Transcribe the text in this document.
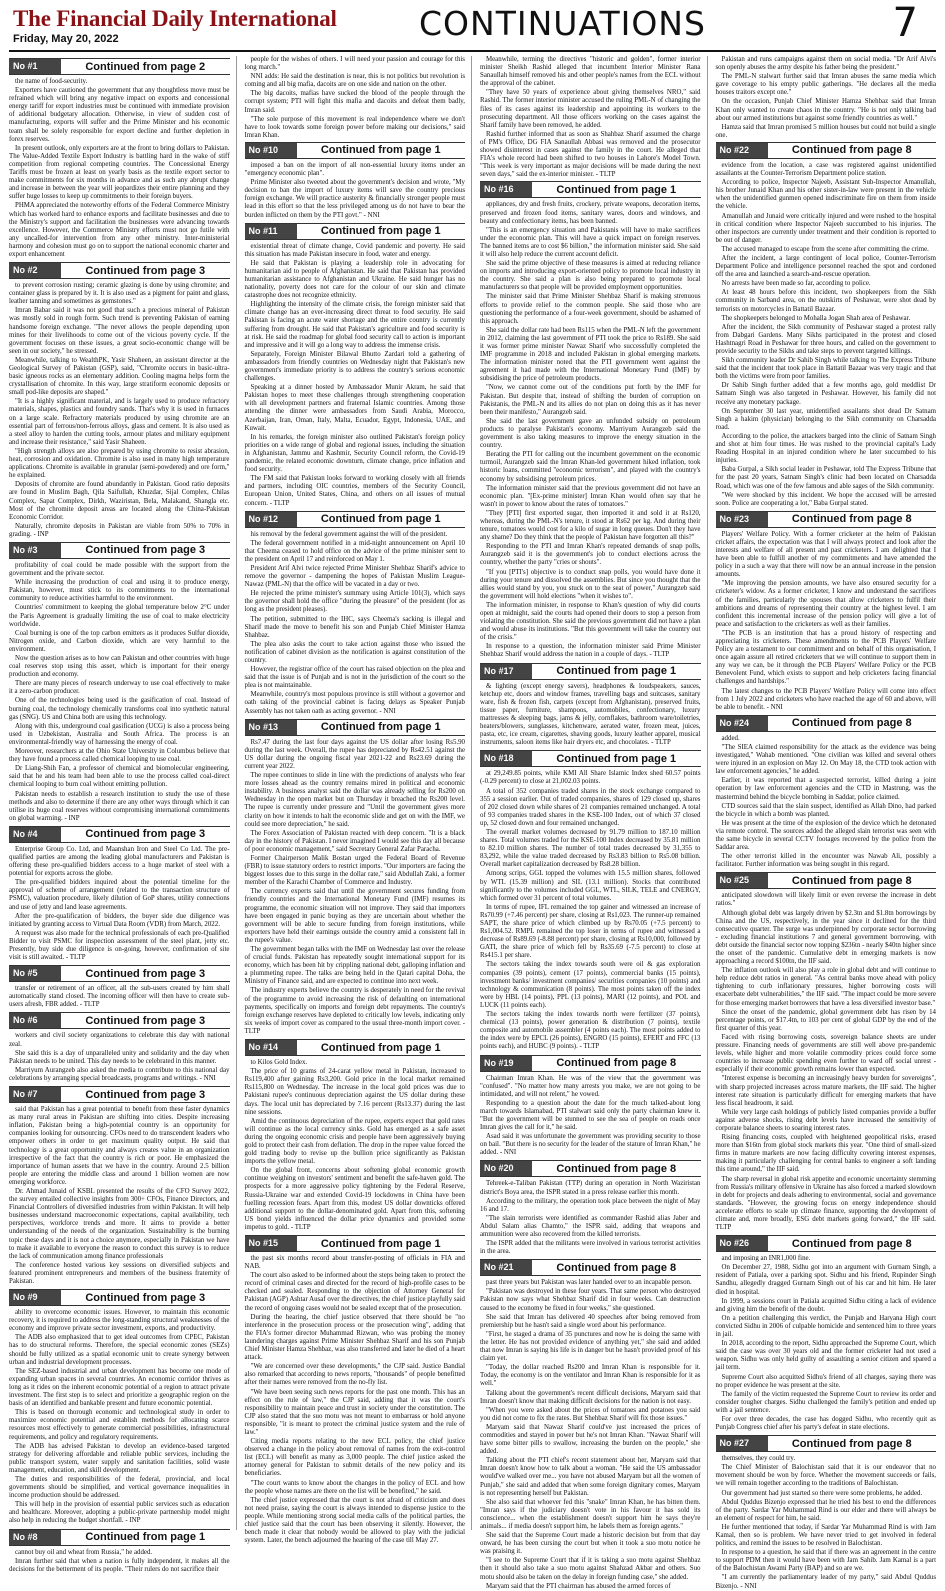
The Financial Daily International
Friday, May 20, 2022	CONTINUATIONS	7
No #1	Continued from page 2

the name of food-security.

Exporters have cautioned the government that any thoughtless move must be refrained which will bring any negative impact on exports and concessional energy tariff for export industries must be continued with immediate provision of additional budgetary allocation. Otherwise, in view of sudden cost of manufacturing, exports will suffer and the Prime Minister and his economic team shall be solely responsible for export decline and further depletion in forex reserves.

In present outlook, only exporters are at the front to bring dollars to Pakistan. The Value-Added Textile Export Industry is battling hard in the wake of stiff competition from regional competing countries. The Concessional Energy Tariffs must be frozen at least on yearly basis as the textile export sector to make commitments for six months in advance and as such any abrupt change and increase in between the year will jeopardizes their entire planning and they suffer huge losses to keep up commitments to their foreign buyers.

PHMA appreciated the noteworthy efforts of the Federal Commerce Ministry which has worked hard to enhance exports and facilitate businesses and due to the Ministry's support and facilitation the businesses were advancing towards excellence. However, the Commerce Ministry efforts must not go futile with any uncalled-for intervention from any other ministry. Inter-ministerial harmony and cohesion must go on to support the national economic charter and export enhancement

No #2	Continued from page 3

to prevent corrosion rusting; ceramic glazing is done by using chromite; and container glass is prepared by it. It is also used as a pigment for paint and glass, leather tanning and sometimes as gemstones."

Imran Babar said it was not good that such a precious mineral of Pakistan was mostly sold in rough form. Such trend is preventing Pakistan of earning handsome foreign exchange. "The never allows the people depending upon mines for their livelihoods to come out of the vicious poverty cycle. If the government focuses on these issues, a great socio-economic change will be seen in our society," he stressed.

Meanwhile, talking to WealthPK, Yasir Shaheen, an assistant director at the Geological Survey of Pakistan (GSP), said, "Chromite occurs in basic-ultra-basic igneous rocks as an elementary addition. Cooling magma helps form the crystallisation of chromite. In this way, large stratiform economic deposits or small pod-like deposits are shaped."

"It is a highly significant material, and is largely used to produce refractory materials, shapes, plastics and foundry sands. That's why it is used in furnaces on a large scale. Refractory materials produced by using chromite are an essential part of ferrous/non-ferrous alloys, glass and cement. It is also used as a steel alloy to harden the cutting tools, armour plates and military equipment and increase their resistance," said Yasir Shaheen.

"High strength alloys are also prepared by using chromite to resist abrasion, heat, corrosion and oxidation. Chromite is also used in many high temperature applications. Chromite is available in granular (semi-powdered) and ore form," he explained.

Deposits of chromite are found abundantly in Pakistan. Good ratio deposits are found in Muslim Bagh, Qila Saifullah, Khuzdar, Sijal Complex, Chilas Complex, Sapat Complex, Dirkh, Waziristan, Bela, Malakand, Shangla etc. Most of the chromite deposit areas are located along the China-Pakistan Economic Corridor.

Naturally, chromite deposits in Pakistan are viable from 50% to 70% in grading. - INP

No #3	Continued from page 3

profitability of coal could be made possible with the support from the government and the private sector.

While increasing the production of coal and using it to produce energy, Pakistan, however, must stick to its commitments to the international community to reduce activities harmful to the environment.

Countries' commitment to keeping the global temperature below 2°C under the Paris Agreement is gradually limiting the use of coal to make electricity worldwide.

Coal burning is one of the top carbon emitters as it produces Sulfur dioxide, Nitrogen oxide, and Carbon dioxide, which are very harmful to the environment.

Now the question arises as to how can Pakistan and other countries with huge coal reserves stop using this asset, which is important for their energy production and economy.

There are many pieces of research underway to use coal effectively to make it a zero-carbon producer.

One of the technologies being used is the gasification of coal. Instead of burning coal, the technology chemically transforms coal into synthetic natural gas (SNG). US and China both are using this technology.

Along with this, underground coal gasification (UCG) is also a process being used in Uzbekistan, Australia and South Africa. The process is an environmental-friendly way of harnessing the energy of coal.

Moreover, researchers at the Ohio State University in Columbus believe that they have found a process called chemical looping to use coal.

Dr Liang-Shih Fan, a professor of chemical and biomolecular engineering, said that he and his team had been able to use the process called coal-direct chemical looping to burn coal without emitting pollution.

Pakistan needs to establish a research institution to study the use of these methods and also to determine if there are any other ways through which it can utilise its huge coal reserves without compromising international commitments on global warming. - INP

No #4	Continued from page 3

Enterprise Group Co. Ltd, and Maanshan Iron and Steel Co Ltd. The pre-qualified parties are among the leading global manufacturers and Pakistan is offering these pre-qualified bidders access to a huge market of steel with a potential for exports across the globe.

The pre-qualified bidders inquired about the potential timeline for the approval of scheme of arrangement (related to the transaction structure of PSMC), valuation procedure, likely dilution of GoP shares, utility connections and use of jetty and land lease agreements.

After the pre-qualification of bidders, the buyer side due diligence was initiated by granting access to Virtual Data Room (VDR) from March, 2022.

A request was also made for the technical professionals of each pre-Qualified Bidder to visit PSMC for inspection assessment of the steel plant, jetty etc. Presently, buy side due diligence is on-going, however, confirmation of site visit is still awaited. - TLTP

No #5	Continued from page 3

transfer or retirement of an officer, all the sub-users created by him shall automatically stand closed. The incoming officer will then have to create sub-users afresh, FBR added. - TLTP

No #6	Continued from page 3

workers and civil society organizations to celebrate this day with national zeal.

She said this is a day of unparalleled unity and solidarity and the day when Pakistan needs to be united. This day needs to be celebrated in this manner.

Marriyum Aurangzeb also asked the media to contribute to this national day celebrations by arranging special broadcasts, programs and writings. - NNI

No #7	Continued from page 3

said that Pakistan has a great potential to benefit from these faster dynamics as many rural areas in Pakistan are shifting into cities. Despite increasing inflation, Pakistan being a high-potential country is an opportunity for companies looking for outsourcing. CFOs need to do transcendent leaders who empower others in order to get maximum quality output. He said that technology is a great opportunity and always creates value in an organization irrespective of the fact that the country is rich or poor. He emphasized the importance of human assets that we have in the country. Around 2.5 billion people are entering the middle class and around 1 billion women are now emerging workforce.

Dr. Ahmad Junaid of KSBL presented the results of the CFO Survey 2022, the survey entailed collective insights from 300+ CFOs, Finance Directors, and Financial Controllers of diversified industries from within Pakistan. It will help businesses understand macroeconomic expectations, capital availability, tech perspectives, workforce trends and more. It aims to provide a better understanding of the needs of the organization. Sustainability is the burning topic these days and it is not a choice anymore, especially in Pakistan we have to make it available to everyone the reason to conduct this survey is to reduce the lack of communication among finance professionals

The conference hosted various key sessions on diversified subjects and featured prominent entrepreneurs and members of the business fraternity of Pakistan.

No #9	Continued from page 3

ability to overcome economic issues. However, to maintain this economic recovery, it is required to address the long-standing structural weaknesses of the economy and improve private sector investment, exports, and productivity.

The ADB also emphasized that to get ideal outcomes from CPEC, Pakistan has to do structural reforms. Therefore, the special economic zones (SEZs) should be fully utilized as a spatial economic unit to create synergy between urban and industrial development processes.

The SEZ-based industrial and urban development has become one mode of expanding urban spaces in several countries. An economic corridor thrives as long as it rides on the inherent economic potential of a region to attract private investment. The first step is to select and prioritize a geographic region on the basis of an identified and bankable present and future economic potential.

This is based on thorough economic and technological study in order to maximize economic potential and establish methods for allocating scarce resources most effectively to generate commercial possibilities, infrastructural requirements, and policy and regulatory requirements.

The ADB has advised Pakistan to develop an evidence-based targeted strategy for delivering affordable and reliable public services, including the public transport system, water supply and sanitation facilities, solid waste management, education, and skill development.

The duties and responsibilities of the federal, provincial, and local governments should be simplified, and vertical governance inequalities in income production should be addressed.

This will help in the provision of essential public services such as education and healthcare. Moreover, adopting a public-private partnership model might also help in reducing the budget shortfall. - INP

No #8	Continued from page 1

cannot buy oil and wheat from Russia," he added.

Imran further said that when a nation is fully independent, it makes all the decisions for the betterment of its people. "Their rulers do not sacrifice their

people for the wishes of others. I will need your passion and courage for this long march."

NNI adds: He said the destination is near, this is not politics but revolution is coming and all big mafia, dacoits are on one side and nation on the other.

The big dacoits, mafias have sucked the blood of the people through the corrupt system; PTI will fight this mafia and dacoits and defeat them badly, Imran said.

"The sole purpose of this movement is real independence where we don't have to look towards some foreign power before making our decisions," said Imran Khan.

No #10	Continued from page 1

imposed a ban on the import of all non-essential luxury items under an "emergency economic plan".

Prime Minister also tweeted about the government's decision and wrote, "My decision to ban the import of luxury items will save the country precious foreign exchange. We will practice austerity & financially stronger people must lead in this effort so that the less privileged among us do not have to bear the burden inflicted on them by the PTI govt." - NNI

No #11	Continued from page 1

existential threat of climate change, Covid pandemic and poverty. He said this situation has made Pakistan insecure in food, water and energy.

He said that Pakistan is playing a leadership role in advocating for humanitarian aid to people of Afghanistan. He said that Pakistan has provided humanitarian assistance to Afghanistan and Ukraine. He said hunger has no nationality, poverty does not care for the colour of our skin and climate catastrophe does not recognize ethnicity.

Highlighting the intensity of the climate crisis, the foreign minister said that climate change has an ever-increasing direct threat to food security. He said Pakistan is facing an acute water shortage and the entire country is currently suffering from drought. He said that Pakistan's agriculture and food security is at risk. He said the roadmap for global food security call to action is important and impressive and it will go a long way to address the immense crisis.

Separately, Foreign Minister Bilawal Bhutto Zardari told a gathering of ambassadors from friendly countries on Wednesday night that Pakistan's new government's immediate priority is to address the country's serious economic challenges.

Speaking at a dinner hosted by Ambassador Munir Akram, he said that Pakistan hopes to meet these challenges through strengthening cooperation with all development partners and fraternal Islamic countries. Among those attending the dinner were ambassadors from Saudi Arabia, Morocco, Azerbaijan, Iran, Oman, Italy, Malta, Ecuador, Egypt, Indonesia, UAE, and Kuwait.

In his remarks, the foreign minister also outlined Pakistan's foreign policy priorities on a wide range of global and regional issues, including the situation in Afghanistan, Jammu and Kashmir, Security Council reform, the Covid-19 pandemic, the related economic downturn, climate change, price inflation and food security.

The FM said that Pakistan looks forward to working closely with all friends and partners, including OIC countries, members of the Security Council, European Union, United States, China, and others on all issues of mutual concern. - TLTP

No #12	Continued from page 1

his removal by the federal government against the will of the president.

The federal government notified in a mid-night announcement on April 10 that Cheema ceased to hold office on the advice of the prime minister sent to the president on April 17 and reinforced on May 1.

President Arif Alvi twice rejected Prime Minister Shehbaz Sharif's advice to remove the governor - dampening the hopes of Pakistan Muslim League-Nawaz (PML-N) that the office will be vacated in a day or two.

He rejected the prime minister's summary using Article 101(3), which says the governor shall hold the office "during the pleasure" of the president (for as long as the president pleases).

The petition, submitted to the IHC, says Cheema's sacking is illegal and Sharif made the move to benefit his son and Punjab Chief Minister Hamza Shahbaz.

The plea also asks the court to take action against those who issued the notification of cabinet division as the notification is against constitution of the country.

However, the registrar office of the court has raised objection on the plea and said that the issue is of Punjab and is not in the jurisdiction of the court so the plea is not maintainable.

Meanwhile, country's most populous province is still without a governor and oath taking of the provincial cabinet is facing delays as Speaker Punjab Assembly has not taken oath as acting governor. - NNI

No #13	Continued from page 1

Rs7.47 during the last four days against the US dollar after losing Rs5.90 during the last week. Overall, the rupee has depreciated by Rs42.51 against the US dollar during the ongoing fiscal year 2021-22 and Rs23.69 during the current year 2022.

The rupee continues to slide in line with the predictions of analysts who fear more losses ahead as the country remains mired in political and economic instability. A business analyst said the dollar was already selling for Rs200 on Wednesday in the open market but on Thursday it breached the Rs200 level. The rupee is currently under pressure and "Until the government gives more clarity on how it intends to halt the economic slide and get on with the IMF, we could see more depreciation," he said.

The Forex Association of Pakistan reacted with deep concern. "It is a black day in the history of Pakistan. I never imagined I would see this day all because of poor economic management," said Secretary General Zafar Paracha.

Former Chairperson Malik Bostan urged the Federal Board of Revenue (FBR) to issue statutory orders to restrict imports. "Our importers are facing the biggest losses due to this surge in the dollar rate," said Abdullah Zaki, a former member of the Karachi Chamber of Commerce and Industry.

The currency experts said that until the government secures funding from friendly countries and the International Monetary Fund (IMF) resumes its programme, the economic situation will not improve. They said that importers have been engaged in panic buying as they are uncertain about whether the government will be able to secure funding from foreign institutions, while exporters have held their earnings outside the country amid a consistent fall in the rupee's value.

The government began talks with the IMF on Wednesday last over the release of crucial funds. Pakistan has repeatedly sought international support for its economy, which has been hit by crippling national debt, galloping inflation and a plummeting rupee. The talks are being held in the Qatari capital Doha, the Ministry of Finance said, and are expected to continue into next week.

The industry experts believe the country is desperately in need for the revival of the programme to avoid increasing the risk of defaulting on international payments, specifically on imports and foreign debt repayments. The country's foreign exchange reserves have depleted to critically low levels, indicating only six weeks of import cover as compared to the usual three-month import cover. - TLTP

No #14	Continued from page 1

to Kilos Gold Index.

The price of 10 grams of 24-carat yellow metal in Pakistan, increased to Rs119,400 after gaining Rs3,200. Gold price in the local market remained Rs115,800 on Wednesday. The increase in the local gold prices was due to Pakistani rupee's continuous depreciation against the US dollar during these days. The local unit has depreciated by 7.16 percent (Rs13.37) during the last nine sessions.

Amid the continuous depreciation of the rupee, experts expect that gold rates will continue as the local currency sinks. Gold has emerged as a safe asset during the ongoing economic crisis and people have been aggressively buying gold to protect their cash from deflation. The drop in the rupee value forced the gold trading body to revise up the bullion price significantly as Pakistan imports the yellow metal.

On the global front, concerns about softening global economic growth continue weighing on investors' sentiment and benefit the safe-haven gold. The prospects for a more aggressive policy tightening by the Federal Reserve, Russia-Ukraine war and extended Covid-19 lockdowns in China have been fuelling recession fears. Apart from this, modest US dollar downticks offered additional support to the dollar-denominated gold. Apart from this, softening US bond yields influenced the dollar price dynamics and provided some impetus to gold. - TLTP

No #15	Continued from page 1

the past six months record about transfer-posting of officials in FIA and NAB.

The court also asked to be informed about the steps being taken to protect the record of criminal cases and directed for the record of high-profile cases to be checked and sealed. Responding to the objection of Attorney General for Pakistan (AGP) Ashtar Ausaf over the directives, the chief justice playfully said the record of ongoing cases would not be sealed except that of the prosecution.

During the hearing, the chief justice observed that there should be "no interference in the prosecution process or the prosecution wing", adding that the FIA's former director Muhammad Rizwan, who was probing the money laundering charges against Prime Minister Shehbaz Sharif and his son Punjab Chief Minister Hamza Shehbaz, was also transferred and later he died of a heart attack.

"We are concerned over these developments," the CJP said. Justice Bandial also remarked that according to news reports, "thousands" of people benefitted after their names were removed from the no-fly list.

"We have been seeing such news reports for the past one month. This has an effect on the rule of law," the CJP said, adding that it was the court's responsibility to maintain peace and trust in society under the constitution. The CJP also stated that the suo motu was not meant to embarrass or hold anyone responsible, "it is meant to protect the criminal justice system and the rule of law."

Citing media reports relating to the new ECL policy, the chief justice observed a change in the policy about removal of names from the exit-control list (ECL) will benefit as many as 3,000 people. The chief justice asked the attorney general for Pakistan to submit details of the new policy and its beneficiaries.

"The court wants to know about the changes in the policy of ECL and how the people whose names are there on the list will be benefited," he said.

The chief justice expressed that the court is not afraid of criticism and does not need praise, saying the court is always intended to dispense justice to the people. While mentioning strong social media calls of the political parties, the chief justice said that the court has been observing it silently. However, the bench made it clear that nobody would be allowed to play with the judicial system. Later, the bench adjourned the hearing of the case till May 27.

Meanwhile, terming the directives "historic and golden", former interior minister Sheikh Rashid alleged that incumbent Interior Minister Rana Sanaullah himself removed his and other people's names from the ECL without the approval of the cabinet.

"They have 50 years of experience about giving themselves NRO," said Rashid. The former interior minister accused the ruling PML-N of changing the files of its cases against its leadership and appointing its workers to the prosecuting department. All those officers working on the cases against the Sharif family have been removed, he added.

Rashid further informed that as soon as Shahbaz Sharif assumed the charge of PM's Office, DG FIA Sanaullah Abbasi was removed and the prosecutor showed disinterest in cases against the family in the court. He alleged that FIA's whole record had been shifted to two houses in Lahore's Model Town. "This week is very important as major decisions will be made during the next seven days," said the ex-interior minister. - TLTP

No #16	Continued from page 1

appliances, dry and fresh fruits, crockery, private weapons, decoration items, preserved and frozen food items, sanitary wares, doors and windows, and beauty and confectionary items, has been banned.

"This is an emergency situation and Pakistanis will have to make sacrifices under the economic plan. This will have a quick impact on foreign reserves. The banned items are to cost $6 billion," the information minister said. She said it will also help reduce the current account deficit.

She said the prime objective of these measures is aimed at reducing reliance on imports and introducing export-oriented policy to promote local industry in the country. She said a plan is also being prepared to promote local manufacturers so that people will be provided employment opportunities.

The minister said that Prime Minister Shehbaz Sharif is making strenuous efforts to provide relief to the common people. She said those who are questioning the performance of a four-week government, should be ashamed of this approach.

She said the dollar rate had been Rs115 when the PML-N left the government in 2012, claiming the last government of PTI took the price to Rs189. She said it was former prime minister Nawaz Sharif who successfully completed the IMF programme in 2018 and included Pakistan in global emerging markets. The information minister noted that the PTI government went against the agreement it had made with the International Monetary Fund (IMF) by subsidising the price of petroleum products.

"Now, we cannot come out of the conditions put forth by the IMF for Pakistan. But despite that, instead of shifting the burden of corruption on Pakistanis, the PML-N and its allies do not plan on doing this as it has never been their manifesto," Aurangzeb said.

She said the last government gave an unfunded subsidy on petroleum products to paralyse Pakistan's economy. Marriyum Aurangzeb said the government is also taking measures to improve the energy situation in the country.

Berating the PTI for calling out the incumbent government on the economic turmoil, Aurangzeb said the Imran Khan-led government hiked inflation, took historic loans, committed "economic terrorism", and played with the country's economy by subsidising petroleum prices.

The information minister said that the previous government did not have an economic plan. "[Ex-prime minister] Imran Khan would often say that he wasn't in power to know about the rates of tomatoes."

"They [PTI] first exported sugar, then imported it and sold it at Rs120, whereas, during the PML-N's tenure, it stood at Rs62 per kg. And during their tenure, tomatoes would cost for a kilo of sugar in long queues. Don't they have any shame? Do they think that the people of Pakistan have forgotten all this?"

Responding to the PTI and Imran Khan's repeated demands of snap polls, Aurangzeb said it is the government's job to conduct elections across the country, whether the party "cries or shouts".

"If you [PTI's] objective is to conduct snap polls, you would have done it during your tenure and dissolved the assemblies. But since you thought that the allies would stand by you, you stuck on to the seat of power," Aurangzeb said the government will hold elections "when it wishes to".

The information minister, in response to Khan's question of why did courts open at midnight, said the courts had opened their doors to stop a person from violating the constitution. She said the previous government did not have a plan and would abuse its institutions. "But this government will take the country out of the crisis."

In response to a question, the information minister said Prime Minister Shehbaz Sharif would address the nation in a couple of days. - TLTP

No #17	Continued from page 1

& lighting (except energy savers), headphones & loudspeakers, sauces, ketchup etc, doors and window frames, travelling bags and suitcases, sanitary ware, fish & frozen fish, carpets (except from Afghanistan), preserved fruits, tissue paper, furniture, shampoos, automobiles, confectionary, luxury mattresses & sleeping bags, jams & jelly, cornflakes, bathroom ware/toiletries, heaters/blowers, sunglasses, kitchenware, aerated water, frozen meat, juices, pasta, etc, ice cream, cigarettes, shaving goods, luxury leather apparel, musical instruments, saloon items like hair dryers etc, and chocolates. - TLTP

No #18	Continued from page 1

at 29,249.85 points, while KMI All Share Islamic Index shed 60.57 points (-0.29 percent) to close at 21,002.03 points.

A total of 352 companies traded shares in the stock exchange compared to 355 a session earlier. Out of traded companies, shares of 129 closed up, shares of 202 closed down while shares of 21 companies remained unchanged. A total of 93 companies traded shares in the KSE-100 Index, out of which 37 closed up, 52 closed down and four remained unchanged.

The overall market volumes decreased by 91.79 million to 187.10 million shares. Total volumes traded for the KSE-100 Index decreased by 35.81 million to 82.10 million shares. The number of total trades decreased by 31,355 to 83,292, while the value traded decreased by Rs3.83 billion to Rs5.08 billion. Overall market capitalization decreased by Rs8.28 billion.

Among scrips, GGL topped the volumes with 15.5 million shares, followed by WTL (15.39 million) and SIL (13.1 million). Stocks that contributed significantly to the volumes included GGL, WTL, SILK, TELE and CNERGY, which formed over 31 percent of total volumes.

In terms of rupee, IFL remained the top gainer and witnessed an increase of Rs70.99 (+7.46 percent) per share, closing at Rs1,023. The runner-up remained SAPT, the share price of which climbed up by Rs70.05 (+7.5 percent) to Rs1,004.52. RMPL remained the top loser in terms of rupee and witnessed a decrease of Rs89.69 (-8.88 percent) per share, closing at Rs10,000, followed by GATI, the share price of which fell by Rs35.69 (-7.5 percent) to close at Rs415.1 per share.

The sectors taking the index towards south were oil & gas exploration companies (39 points), cement (17 points), commercial banks (15 points), investment banks/ investment companies/ securities companies (10 points) and technology & communication (8 points). The most points taken off the index were by HBL (14 points), PPL (13 points), MARI (12 points), and POL and LUCK (11 points each).

The sectors taking the index towards north were fertilizer (37 points), chemical (13 points), power generation & distribution (7 points), textile composite and automobile assembler (4 points each). The most points added to the index were by EPCL (26 points), ENGRO (15 points), EFERT and FFC (13 points each), and HUBC (9 points). - TLTP

No #19	Continued from page 8

Chairman Imran Khan. He was of the view that the government was "confused". "No matter how many arrests you make, we are not going to be intimidated, and will not relent," he vowed.

Responding to a question about the date for the much talked-about long march towards Islamabad, PTI stalwart said only the party chairman knew it. "But the government will be stunned to see the sea of people on roads once Imran gives the call for it," he said.

Asad said it was unfortunate the government was providing security to those on bail. "But there is no security for the leader of the stature of Imran Khan," he added. - NNI

No #20	Continued from page 8

Tehreek-e-Taliban Pakistan (TTP) during an operation in North Waziristan district's Boya area, the ISPR stated in a press release earlier this month.

According to the military, the operation took place between the night of May 16 and 17.

"The slain terrorists were identified as commander Rashid alias Jaber and Abdul Salam alias Chamto," the ISPR said, adding that weapons and ammunition were also recovered from the killed terrorists.

The ISPR added that the militants were involved in various terrorist activities in the area.

No #21	Continued from page 8

past three years but Pakistan was later handed over to an incapable person.

"Pakistan was destroyed in these four years. That same person who destroyed Pakistan now says what Shehbaz Sharif did in four weeks. Can destruction caused to the economy be fixed in four weeks," she questioned.

She said that Imran has delivered 40 speeches after being removed from premiership but he hasn't said a single word about his performance.

"First, he staged a drama of 35 punctures and now he is doing the same with the letter. He has not provided evidence of anything yet," she said and added that now Imran is saying his life is in danger but he hasn't provided proof of his claim yet.

"Today, the dollar reached Rs200 and Imran Khan is responsible for it. Today, the economy is on the ventilator and Imran Khan is responsible for it as well."

Talking about the government's recent difficult decisions, Maryam said that Imran doesn't know that making difficult decisions for the nation is not easy.

"When you were asked about the prices of tomatoes and potatoes you said you did not come to fix the rates. But Shehbaz Sharif will fix those issues."

Maryam said that Nawaz Sharif could've just increased the prices of commodities and stayed in power but he's not Imran Khan. "Nawaz Sharif will have some bitter pills to swallow, increasing the burden on the people," she added.

Talking about the PTI chief's recent statement about her, Maryam said that Imran doesn't know how to talk about a woman. "He said the US ambassador would've walked over me... you have not abused Maryam but all the women of Punjab," she said and added that when some foreign dignitary comes, Maryam is not representing herself but Pakistan.

She also said that whoever fed this "snake" Imran Khan, he has bitten them. "Imran says if the judiciary doesn't vote in his favour it has sold its conscience... when the establishment doesn't support him he says they're animals... if media doesn't support him, he labels them as foreign agents."

She said that the Supreme Court made a historic decision but from that day onward, he has been cursing the court but when it took a suo motu notice he was praising it.

"I see to the Supreme Court that if it is taking a suo motu against Shehbaz then it should also take a suo motu against Shahzad Akbar and others. Suo motu should also be taken on the delay in foreign funding case," she added.

Maryam said that the PTI chairman has abused the armed forces of

Pakistan and runs campaigns against them on social media. "Dr Arif Alvi's son openly abuses the army despite his father being the president."

The PML-N stalwart further said that Imran abuses the same media which gave coverage to his empty public gatherings. "He declares all the media houses traitors except one."

On the occasion, Punjab Chief Minister Hamza Shehbaz said that Imran Khan only wanted to create chaos in the country. "He is not only talking bad about our armed institutions but against some friendly countries as well."

Hamza said that Imran promised 5 million houses but could not build a single one.

No #22	Continued from page 8

evidence from the location, a case was registered against unidentified assailants at the Counter-Terrorism Department police station.

According to police, Inspector Najeeb, Assistant Sub-Inspector Amanullah, his brother Junaid Khan and his other sister-in-law were present in the vehicle when the unidentified gunmen opened indiscriminate fire on them from inside the vehicle.

Amanullah and Junaid were critically injured and were rushed to the hospital in critical condition where Inspector Najeeb succumbed to his injuries. The other inspectors are currently under treatment and their condition is reported to be out of danger.

The accused managed to escape from the scene after committing the crime.

After the incident, a large contingent of local police, Counter-Terrorism Department Police and intelligence personnel reached the spot and cordoned off the area and launched a search-and-rescue operation.

No arrests have been made so far, according to police.

At least 48 hours before this incident, two shopkeepers from the Sikh community in Sarband area, on the outskirts of Peshawar, were shot dead by terrorists on motorcycles in Battatil Bazaar.

The shopkeepers belonged to Mohalla Jogan Shah area of Peshawar.

After the incident, the Sikh community of Peshawar staged a protest rally from Dabgari Gardens. Many Sikhs participated in the protest and closed Hashtnagri Road in Peshawar for three hours, and called on the government to provide security to the Sikhs and take steps to prevent targeted killings.

Sikh community leader Dr Sahib Singh while talking to The Express Tribune said that the incident that took place in Battatil Bazaar was very tragic and that both the victims were from poor families.

Dr Sahib Singh further added that a few months ago, gold meddlist Dr Satnam Singh was also targeted in Peshawar. However, his family did not receive any monetary package.

On September 30 last year, unidentified assailants shot dead Dr Satnam Singh a hakim (physician) belonging to the Sikh community on Charsadda road.

According to the police, the attackers barged into the clinic of Satnam Singh and shot at him four times. He was rushed to the provincial capital's Lady Reading Hospital in an injured condition where he later succumbed to his injuries.

Baba Gurpal, a Sikh social leader in Peshawar, told The Express Tribune that for the past 20 years, Satnam Singh's clinic had been located on Charsadda Road, which was one of the few famous and able sages of the Sikh community.

"We were shocked by this incident. We hope the accused will be arrested soon. Police are cooperating a lot," Baba Gurpal stated.

No #23	Continued from page 8

Players' Welfare Policy. With a former cricketer at the helm of Pakistan cricket affairs, the expectation was that I will always protect and look after the interests and welfare of all present and past cricketers. I am delighted that I have been able to fulfill another of my commitments and have amended the policy in a such a way that there will now be an annual increase in the pension amounts.

"Me improving the pension amounts, we have also ensured security for a cricketer's widow. As a former cricketer, I know and understand the sacrifices of the families, particularly the spouses that allow cricketers to fulfil their ambitions and dreams of representing their country at the highest level. I am confident this incremental increase of the pension policy will give a lot of peace and satisfaction to the cricketers as well as their families.

"The PCB is an institution that has a proud history of respecting and appreciating its cricketers. These amendments to the PCB Players' Welfare Policy are a testament to our commitment and on behalf of this organisation, I once again assure all retired cricketers that we will continue to support them in any way we can, be it through the PCB Players' Welfare Policy or the PCB Benevolent Fund, which exists to support and help cricketers facing financial challenges and hardships."

The latest changes to the PCB Players' Welfare Policy will come into effect from 1 July 2022 and cricketers who have reached the age of 60 and above, will be able to benefit. - NNI

No #24	Continued from page 8

added.

"The SIEA claimed responsibility for the attack as the evidence was being investigated," Wahab mentioned. "One civilian was killed and several others were injured in an explosion on May 12. On May 18, the CTD took action with law enforcement agencies," he added.

Earlier, it was reported that a suspected terrorist, killed during a joint operation by law enforcement agencies and the CTD in Mastrung, was the mastermind behind the bicycle bombing in Saddar, police claimed.

CTD sources said that the slain suspect, identified as Allah Dino, had parked the bicycle in which a bomb was planted.

He was present at the time of the explosion of the device which he detonated via remote control. The sources added the alleged slain terrorist was seen with the same bicycle in several CCTV footages recovered by the police from the Saddar area.

The other terrorist killed in the encounter was Nawab Ali, possibly a facilitator. Further information was being sought in this regard.

No #25	Continued from page 8

anticipated slowdown will likely limit or even reverse the increase in debt ratios."

Although global debt was largely driven by $2.3tn and $1.8tn borrowings by China and the US, respectively, in the year since it declined for the third consecutive quarter. The surge was underpinned by corporate sector borrowing - excluding financial institutions 7 and general government borrowing, with debt outside the financial sector now topping $236tn - nearly $40tn higher since the onset of the pandemic. Cumulative debt in emerging markets is now approaching a record $100tn, the IIF said.

The inflation outlook will also play a role in global debt and will continue to help reduce debt ratios in general. "As central banks move ahead with policy tightening to curb inflationary pressures, higher borrowing costs will exacerbate debt vulnerabilities," the IIF said. "The impact could be more severe for those emerging market borrowers that have a less diversified investor base."

Since the onset of the pandemic, global government debt has risen by 14 percentage points, or $17.4tn, to 103 per cent of global GDP by the end of the first quarter of this year.

Faced with rising borrowing costs, sovereign balance sheets are under pressure. Financing needs of governments are still well above pre-pandemic levels, while higher and more volatile commodity prices could force some countries to increase public spending even further to ward off social unrest - especially if their economic growth remains lower than expected.

"Interest expense is becoming an increasingly heavy burden for sovereigns", with sharp projected increases across mature markets, the IIF said. The higher interest rate situation is particularly difficult for emerging markets that have less fiscal headroom, it said.

While very large cash holdings of publicly listed companies provide a buffer against adverse shocks, rising debt levels have increased the sensitivity of corporate balance sheets to soaring interest rates.

Rising financing costs, coupled with heightened geopolitical risks, erased more than $16tn from global stock markets this year. "One third of small-sized firms in mature markets are now facing difficulty covering interest expenses, making it particularly challenging for central banks to engineer a soft landing this time around," the IIF said.

The sharp reversal in global risk appetite and economic uncertainty stemming from Russia's military offensive in Ukraine has also forced a marked slowdown in debt for projects and deals adhering to environmental, social and governance standards. "However, the growing focus on energy independence should accelerate efforts to scale up climate finance, supporting the development of climate and, more broadly, ESG debt markets going forward," the IIF said. TLTP

No #26	Continued from page 8

and imposing an INR1,000 fine.

On December 27, 1988, Sidhu got into an argument with Gurnam Singh, a resident of Patiala, over a parking spot. Sidhu and his friend, Rupinder Singh Sandhu, allegedly dragged Gurnam Singh out of his car and hit him. He later died in hospital.

In 1999, a sessions court in Patiala acquitted Sidhu citing a lack of evidence and giving him the benefit of the doubt.

On a petition challenging this verdict, the Punjab and Haryana High court convicted Sidhu in 2006 of culpable homicide and sentenced him to three years in jail.

In 2018, according to the report, Sidhu approached the Supreme Court, which said the case was over 30 years old and the former cricketer had not used a weapon. Sidhu was only held guilty of assaulting a senior citizen and spared a jail term.

Supreme Court also acquitted Sidhu's friend of all charges, saying there was no proper evidence he was present at the site.

The family of the victim requested the Supreme Court to review its order and consider tougher charges. Sidhu challenged the family's petition and ended up with a jail sentence.

For over three decades, the case has dogged Sidhu, who recently quit as Punjab Congress chief after his party's defeat in state elections.

No #27	Continued from page 8

themselves, they could try.

The Chief Minister of Balochistan said that it is our endeavor that no movement should be won by force. Whether the movement succeeds or fails, we will remain together according to the traditions of Balochistan.

Our government had just started so there were some problems, he added.

Abdul Quddus Bizenjo expressed that he tried his best to end the differences of the party. Sardar Yar Muhammad Rind is our elder and there will always be an element of respect for him, he said.

He further mentioned that today, if Sardar Yar Muhammad Rind is with Jam Kamal, then so is problem. We have never tried to get involved in federal politics, and remind the issues to be resolved in Balochistan.

In response to a question, he said that if there was an agreement in the centre to support PDM then it would have been with Jam Sahib. Jam Kamal is a part of the Balochistan Awami Party (BAP) and so are we.

"I am currently the parliamentary leader of my party," said Abdul Quddus Bizenjo. - NNI
